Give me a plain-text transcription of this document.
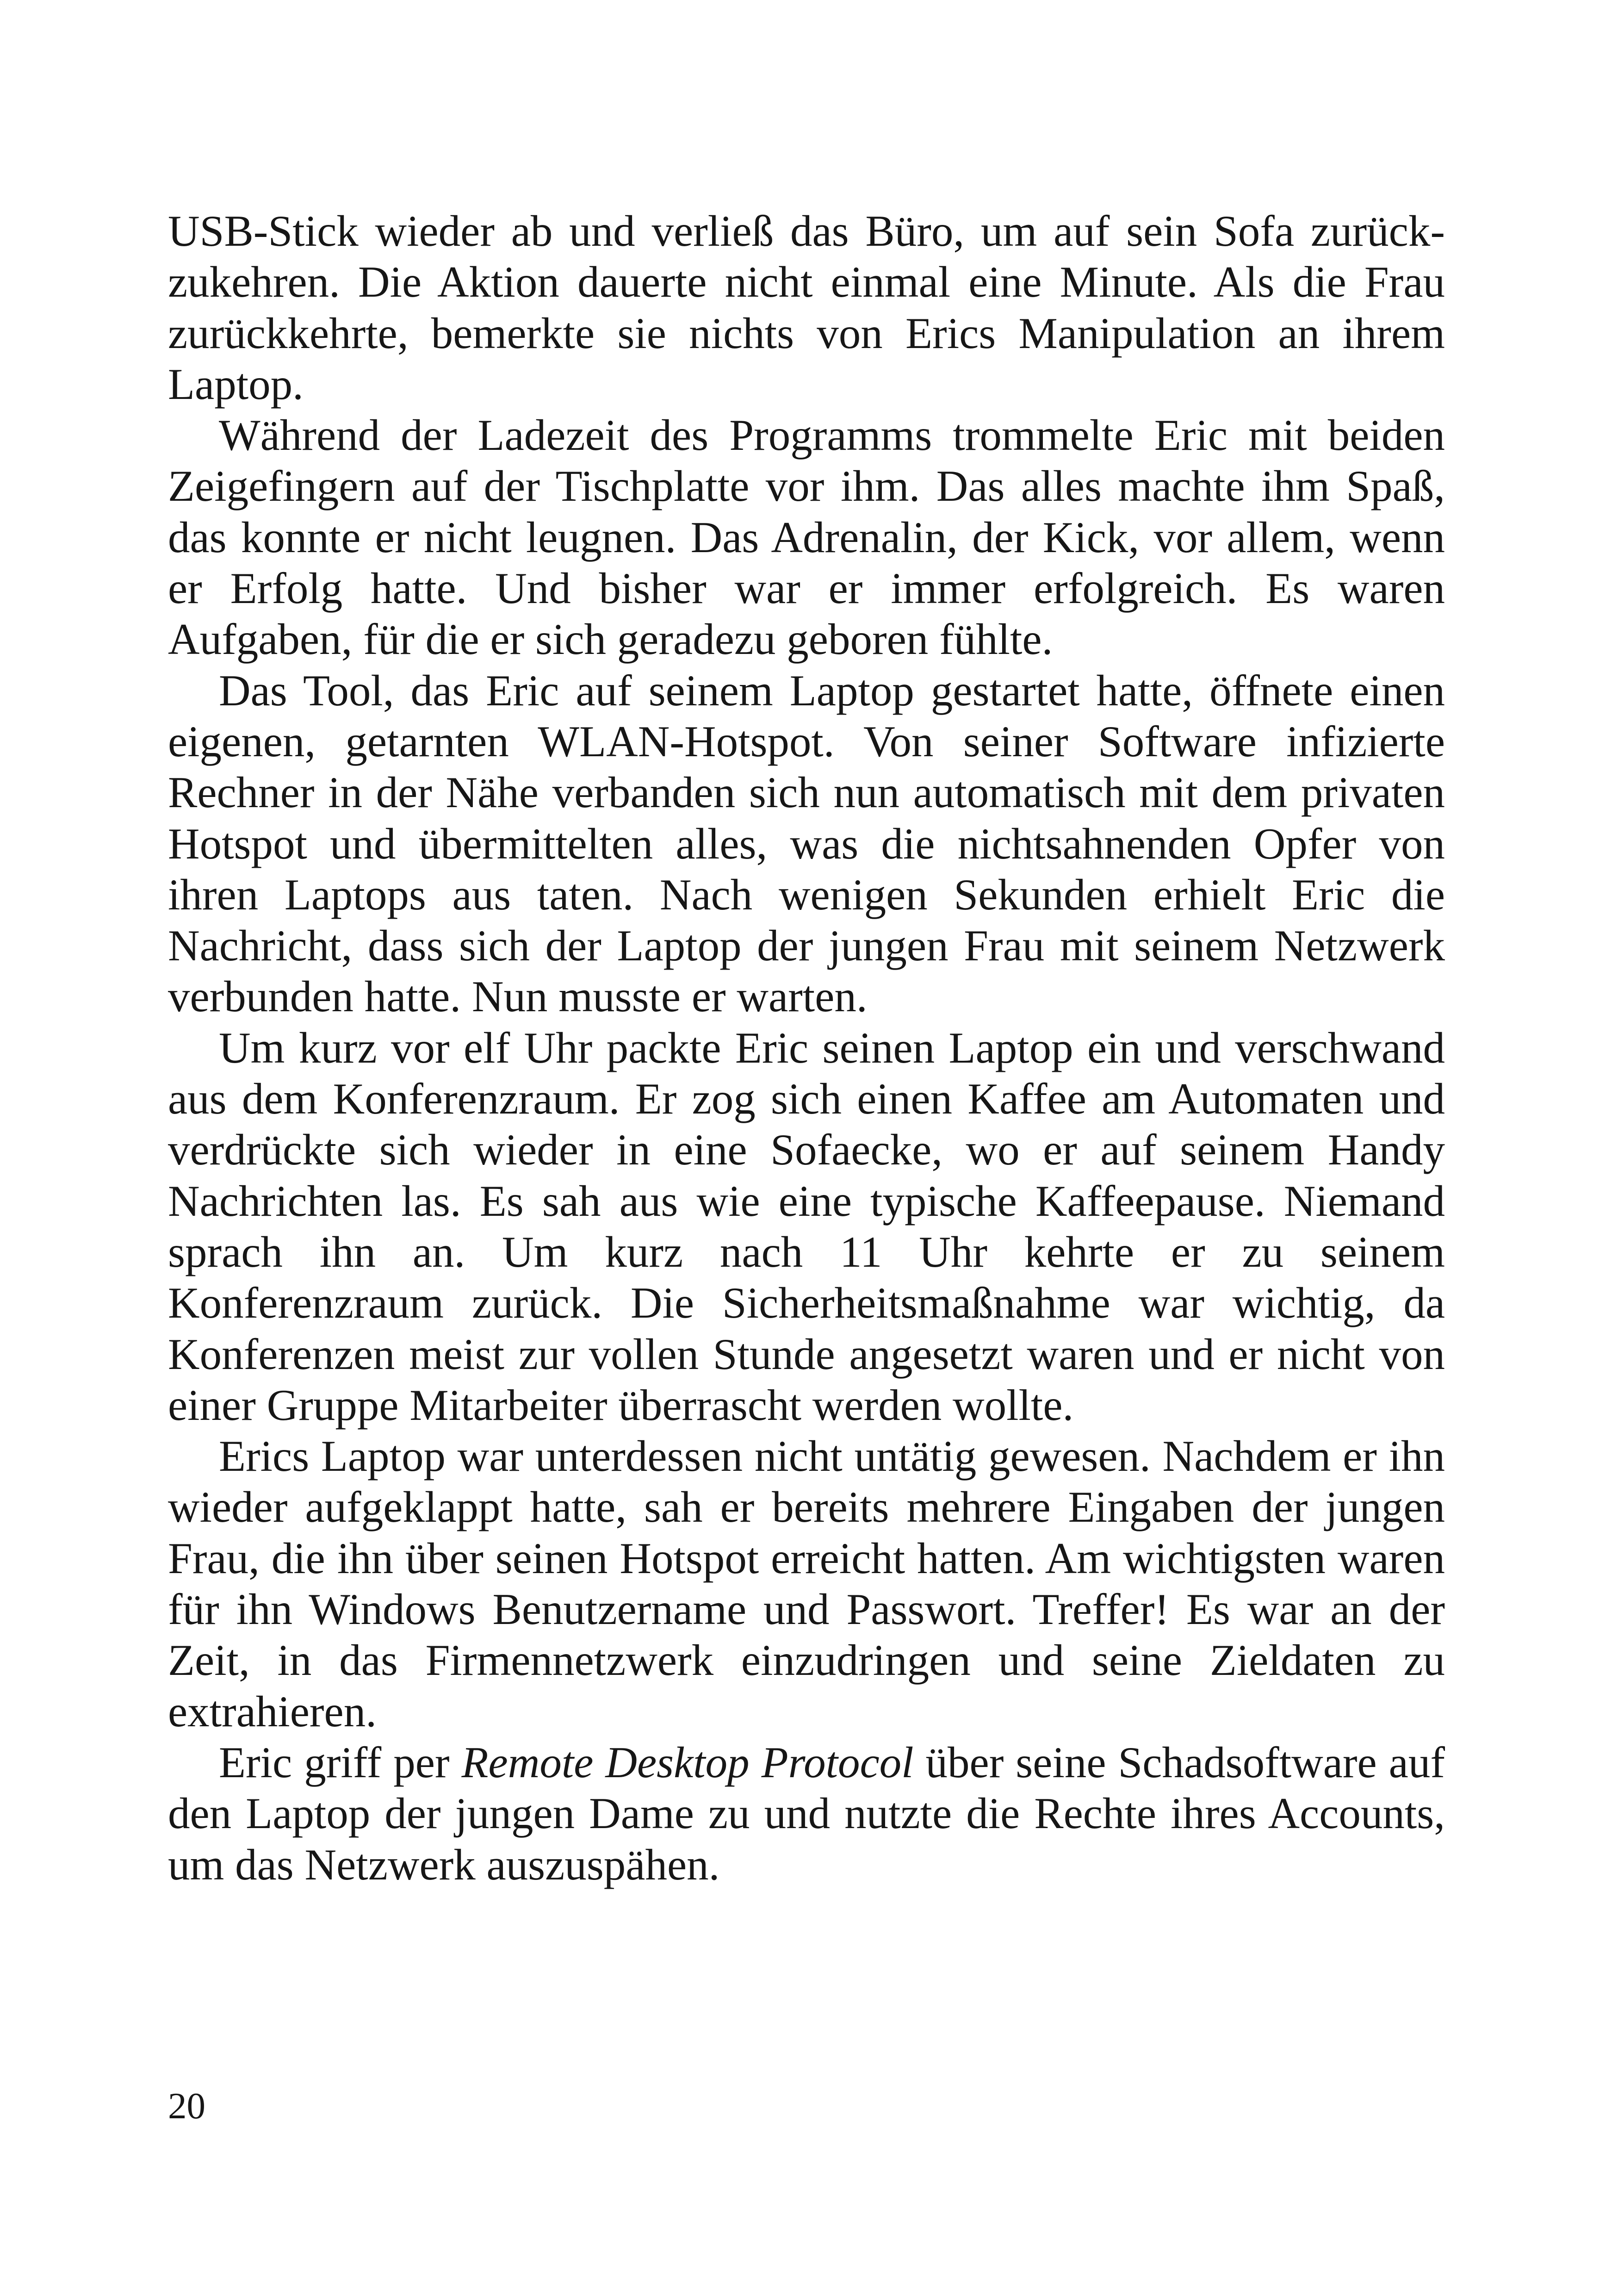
USB-Stick wieder ab und verließ das Büro, um auf sein Sofa zurückzukehren. Die Aktion dauerte nicht einmal eine Minute. Als die Frau zurückkehrte, bemerkte sie nichts von Erics Manipulation an ihrem Laptop.

Während der Ladezeit des Programms trommelte Eric mit beiden Zeigefingern auf der Tischplatte vor ihm. Das alles machte ihm Spaß, das konnte er nicht leugnen. Das Adrenalin, der Kick, vor allem, wenn er Erfolg hatte. Und bisher war er immer erfolgreich. Es waren Aufgaben, für die er sich geradezu geboren fühlte.

Das Tool, das Eric auf seinem Laptop gestartet hatte, öffnete einen eigenen, getarnten WLAN-Hotspot. Von seiner Software infizierte Rechner in der Nähe verbanden sich nun automatisch mit dem privaten Hotspot und übermittelten alles, was die nichtsahnenden Opfer von ihren Laptops aus taten. Nach wenigen Sekunden erhielt Eric die Nachricht, dass sich der Laptop der jungen Frau mit seinem Netzwerk verbunden hatte. Nun musste er warten.

Um kurz vor elf Uhr packte Eric seinen Laptop ein und verschwand aus dem Konferenzraum. Er zog sich einen Kaffee am Automaten und verdrückte sich wieder in eine Sofaecke, wo er auf seinem Handy Nachrichten las. Es sah aus wie eine typische Kaffeepause. Niemand sprach ihn an. Um kurz nach 11 Uhr kehrte er zu seinem Konferenzraum zurück. Die Sicherheitsmaßnahme war wichtig, da Konferenzen meist zur vollen Stunde angesetzt waren und er nicht von einer Gruppe Mitarbeiter überrascht werden wollte.

Erics Laptop war unterdessen nicht untätig gewesen. Nachdem er ihn wieder aufgeklappt hatte, sah er bereits mehrere Eingaben der jungen Frau, die ihn über seinen Hotspot erreicht hatten. Am wichtigsten waren für ihn Windows Benutzername und Passwort. Treffer! Es war an der Zeit, in das Firmennetzwerk einzudringen und seine Zieldaten zu extrahieren.

Eric griff per Remote Desktop Protocol über seine Schadsoftware auf den Laptop der jungen Dame zu und nutzte die Rechte ihres Accounts, um das Netzwerk auszuspähen.

20
